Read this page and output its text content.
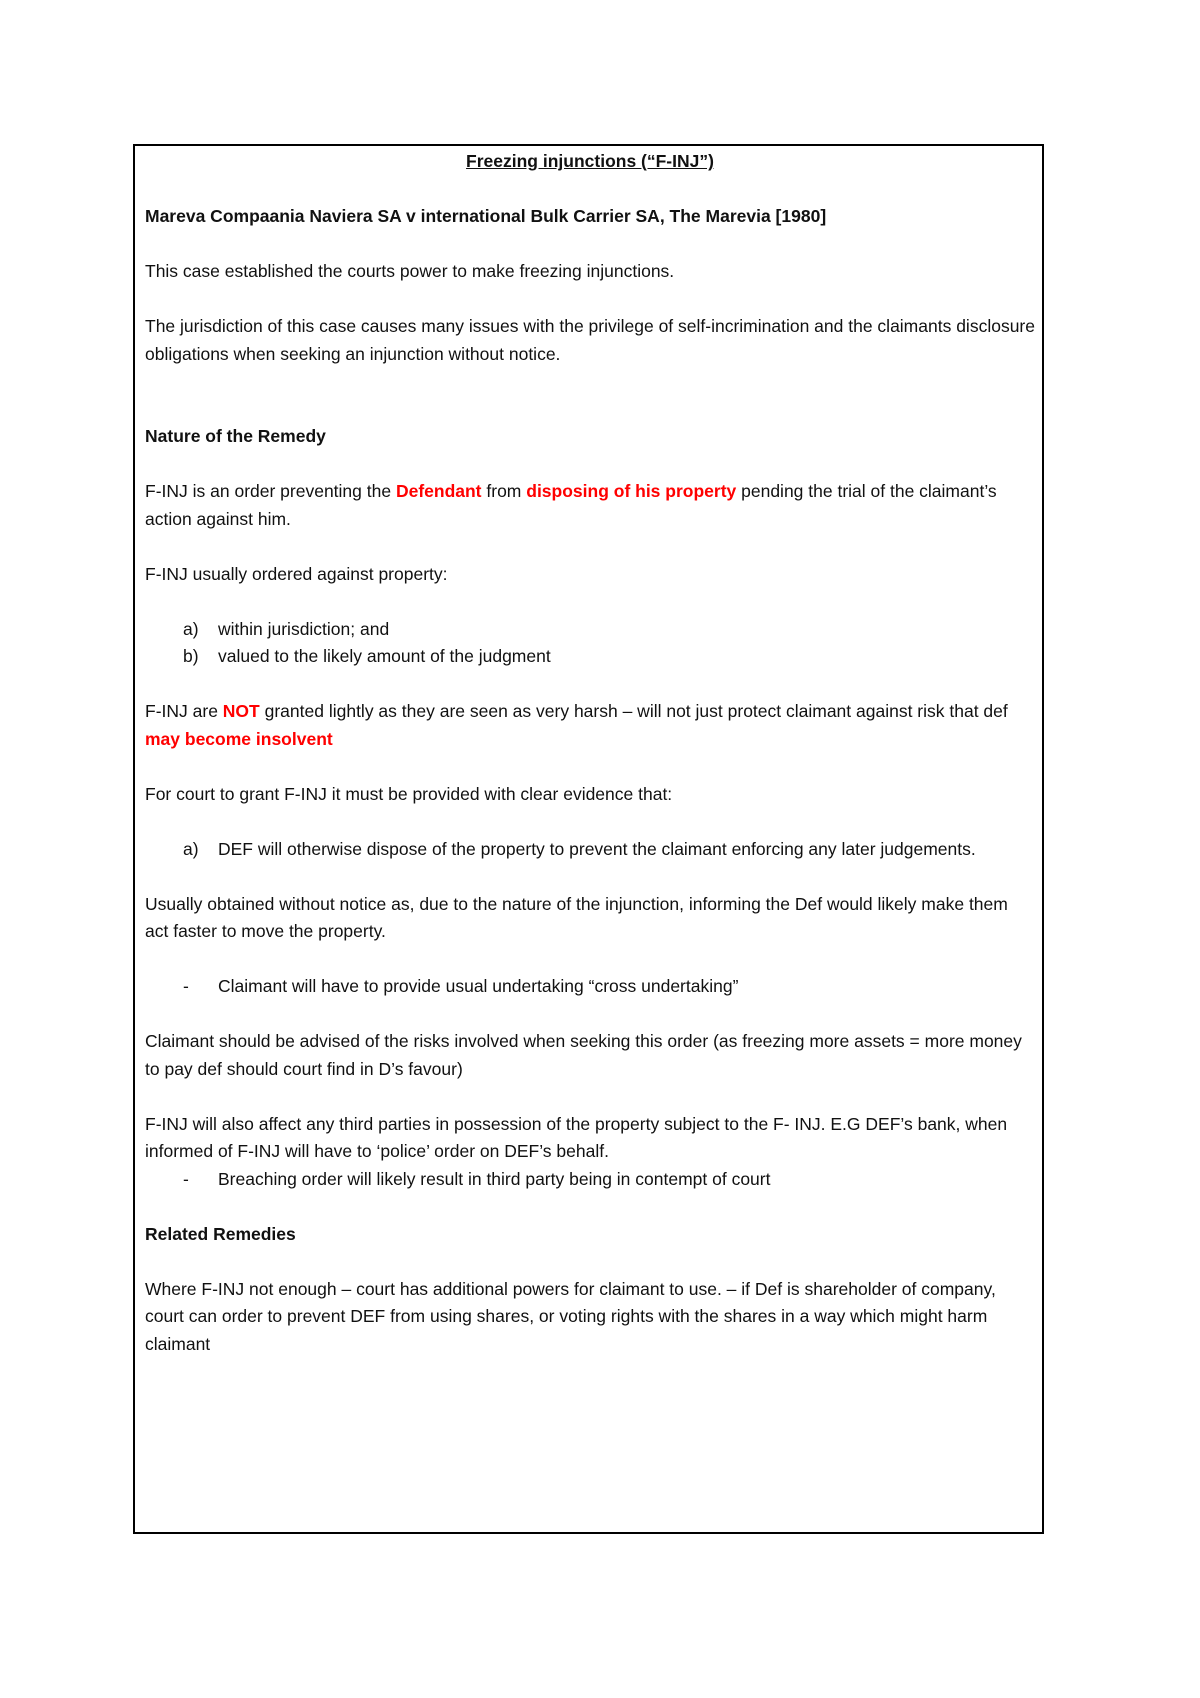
Freezing injunctions (“F-INJ”)

Mareva Compaania Naviera SA v international Bulk Carrier SA, The Marevia [1980]

This case established the courts power to make freezing injunctions.

The jurisdiction of this case causes many issues with the privilege of self-incrimination and the claimants disclosure obligations when seeking an injunction without notice.

Nature of the Remedy

F-INJ is an order preventing the Defendant from disposing of his property pending the trial of the claimant’s action against him.

F-INJ usually ordered against property:

a) within jurisdiction; and
b) valued to the likely amount of the judgment

F-INJ are NOT granted lightly as they are seen as very harsh – will not just protect claimant against risk that def may become insolvent

For court to grant F-INJ it must be provided with clear evidence that:

a) DEF will otherwise dispose of the property to prevent the claimant enforcing any later judgements.

Usually obtained without notice as, due to the nature of the injunction, informing the Def would likely make them act faster to move the property.

- Claimant will have to provide usual undertaking “cross undertaking”

Claimant should be advised of the risks involved when seeking this order (as freezing more assets = more money to pay def should court find in D’s favour)

F-INJ will also affect any third parties in possession of the property subject to the F- INJ. E.G DEF’s bank, when informed of F-INJ will have to ‘police’ order on DEF’s behalf.

- Breaching order will likely result in third party being in contempt of court

Related Remedies

Where F-INJ not enough – court has additional powers for claimant to use. – if Def is shareholder of company, court can order to prevent DEF from using shares, or voting rights with the shares in a way which might harm claimant
